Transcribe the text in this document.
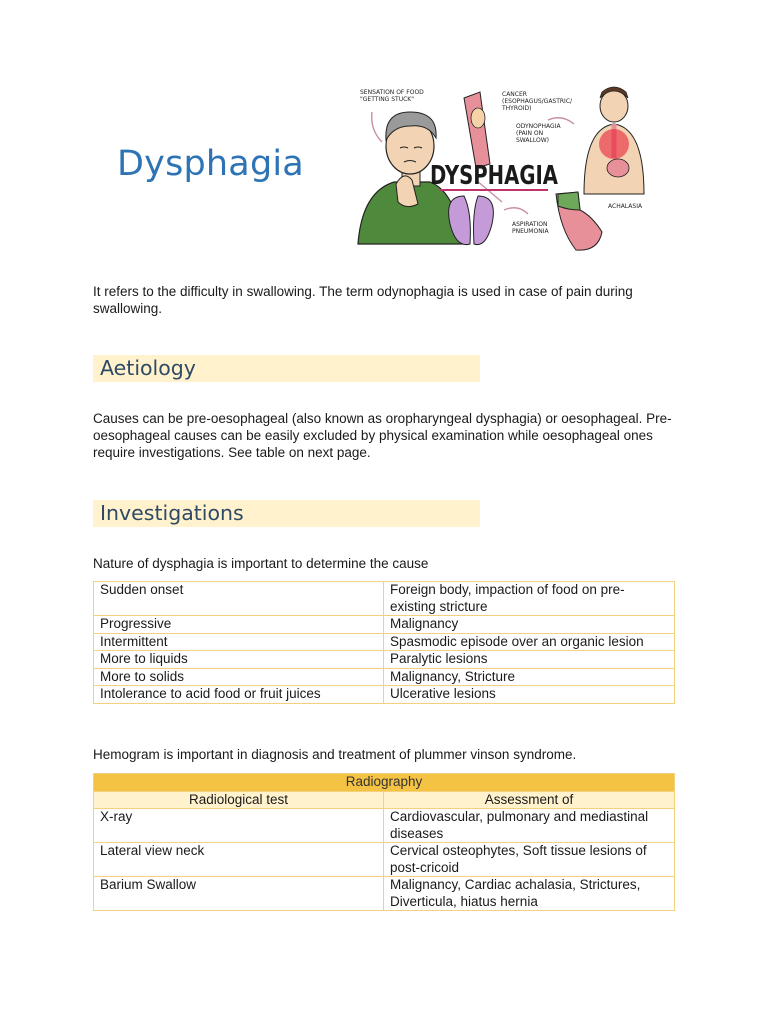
Dysphagia	DYSPHAGIA
SENSATION OF FOOD
"GETTING STUCK"
CANCER
(ESOPHAGUS/GASTRIC/
THYROID)
ODYNOPHAGIA
(PAIN ON
SWALLOW)
ACHALASIA
ASPIRATION
PNEUMONIA

It refers to the difficulty in swallowing. The term odynophagia is used in case of pain during swallowing.

Aetiology

Causes can be pre-oesophageal (also known as oropharyngeal dysphagia) or oesophageal. Pre-oesophageal causes can be easily excluded by physical examination while oesophageal ones require investigations. See table on next page.

Investigations

Nature of dysphagia is important to determine the cause

Sudden onset	Foreign body, impaction of food on pre-existing stricture
Progressive	Malignancy
Intermittent	Spasmodic episode over an organic lesion
More to liquids	Paralytic lesions
More to solids	Malignancy, Stricture
Intolerance to acid food or fruit juices	Ulcerative lesions

Hemogram is important in diagnosis and treatment of plummer vinson syndrome.

Radiography	
Radiological test	Assessment of
X-ray	Cardiovascular, pulmonary and mediastinal diseases
Lateral view neck	Cervical osteophytes, Soft tissue lesions of post-cricoid
Barium Swallow	Malignancy, Cardiac achalasia, Strictures, Diverticula, hiatus hernia
